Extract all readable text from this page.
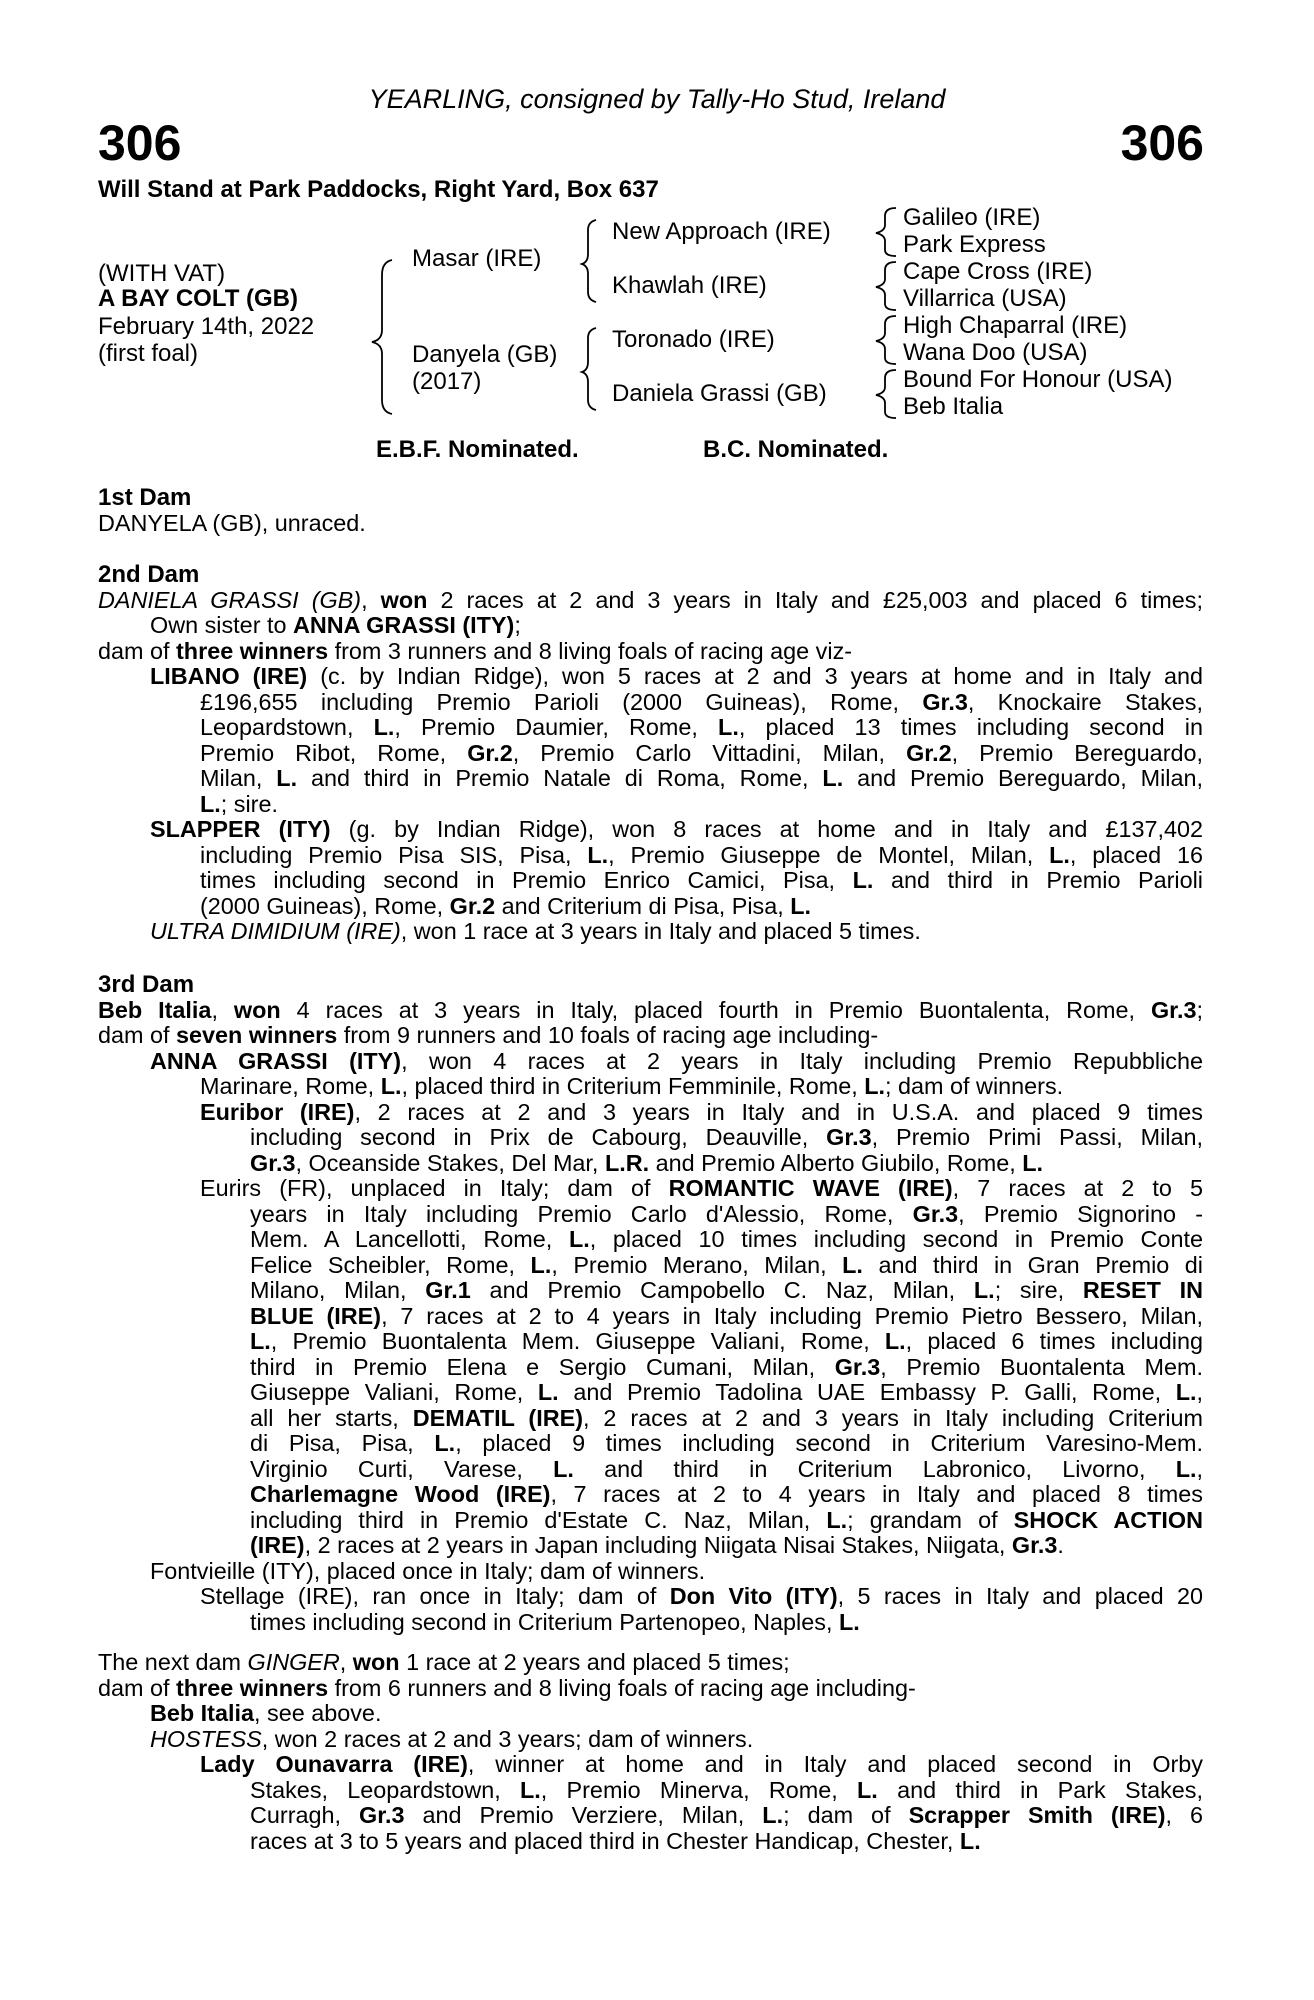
YEARLING, consigned by Tally-Ho Stud, Ireland
306	306
Will Stand at Park Paddocks, Right Yard, Box 637
(WITH VAT)
A BAY COLT (GB)
February 14th, 2022
(first foal)
Masar (IRE)
Danyela (GB)
(2017)
New Approach (IRE)
Khawlah (IRE)
Toronado (IRE)
Daniela Grassi (GB)
Galileo (IRE)
Park Express
Cape Cross (IRE)
Villarrica (USA)
High Chaparral (IRE)
Wana Doo (USA)
Bound For Honour (USA)
Beb Italia
E.B.F. Nominated.	B.C. Nominated.
1st Dam
DANYELA (GB), unraced.
2nd Dam
DANIELA GRASSI (GB), won 2 races at 2 and 3 years in Italy and £25,003 and placed 6 times;
Own sister to ANNA GRASSI (ITY);
dam of three winners from 3 runners and 8 living foals of racing age viz-
LIBANO (IRE) (c. by Indian Ridge), won 5 races at 2 and 3 years at home and in Italy and
£196,655 including Premio Parioli (2000 Guineas), Rome, Gr.3, Knockaire Stakes,
Leopardstown, L., Premio Daumier, Rome, L., placed 13 times including second in
Premio Ribot, Rome, Gr.2, Premio Carlo Vittadini, Milan, Gr.2, Premio Bereguardo,
Milan, L. and third in Premio Natale di Roma, Rome, L. and Premio Bereguardo, Milan,
L.; sire.
SLAPPER (ITY) (g. by Indian Ridge), won 8 races at home and in Italy and £137,402
including Premio Pisa SIS, Pisa, L., Premio Giuseppe de Montel, Milan, L., placed 16
times including second in Premio Enrico Camici, Pisa, L. and third in Premio Parioli
(2000 Guineas), Rome, Gr.2 and Criterium di Pisa, Pisa, L.
ULTRA DIMIDIUM (IRE), won 1 race at 3 years in Italy and placed 5 times.
3rd Dam
Beb Italia, won 4 races at 3 years in Italy, placed fourth in Premio Buontalenta, Rome, Gr.3;
dam of seven winners from 9 runners and 10 foals of racing age including-
ANNA GRASSI (ITY), won 4 races at 2 years in Italy including Premio Repubbliche
Marinare, Rome, L., placed third in Criterium Femminile, Rome, L.; dam of winners.
Euribor (IRE), 2 races at 2 and 3 years in Italy and in U.S.A. and placed 9 times
including second in Prix de Cabourg, Deauville, Gr.3, Premio Primi Passi, Milan,
Gr.3, Oceanside Stakes, Del Mar, L.R. and Premio Alberto Giubilo, Rome, L.
Eurirs (FR), unplaced in Italy; dam of ROMANTIC WAVE (IRE), 7 races at 2 to 5
years in Italy including Premio Carlo d'Alessio, Rome, Gr.3, Premio Signorino -
Mem. A Lancellotti, Rome, L., placed 10 times including second in Premio Conte
Felice Scheibler, Rome, L., Premio Merano, Milan, L. and third in Gran Premio di
Milano, Milan, Gr.1 and Premio Campobello C. Naz, Milan, L.; sire, RESET IN
BLUE (IRE), 7 races at 2 to 4 years in Italy including Premio Pietro Bessero, Milan,
L., Premio Buontalenta Mem. Giuseppe Valiani, Rome, L., placed 6 times including
third in Premio Elena e Sergio Cumani, Milan, Gr.3, Premio Buontalenta Mem.
Giuseppe Valiani, Rome, L. and Premio Tadolina UAE Embassy P. Galli, Rome, L.,
all her starts, DEMATIL (IRE), 2 races at 2 and 3 years in Italy including Criterium
di Pisa, Pisa, L., placed 9 times including second in Criterium Varesino-Mem.
Virginio Curti, Varese, L. and third in Criterium Labronico, Livorno, L.,
Charlemagne Wood (IRE), 7 races at 2 to 4 years in Italy and placed 8 times
including third in Premio d'Estate C. Naz, Milan, L.; grandam of SHOCK ACTION
(IRE), 2 races at 2 years in Japan including Niigata Nisai Stakes, Niigata, Gr.3.
Fontvieille (ITY), placed once in Italy; dam of winners.
Stellage (IRE), ran once in Italy; dam of Don Vito (ITY), 5 races in Italy and placed 20
times including second in Criterium Partenopeo, Naples, L.
The next dam GINGER, won 1 race at 2 years and placed 5 times;
dam of three winners from 6 runners and 8 living foals of racing age including-
Beb Italia, see above.
HOSTESS, won 2 races at 2 and 3 years; dam of winners.
Lady Ounavarra (IRE), winner at home and in Italy and placed second in Orby
Stakes, Leopardstown, L., Premio Minerva, Rome, L. and third in Park Stakes,
Curragh, Gr.3 and Premio Verziere, Milan, L.; dam of Scrapper Smith (IRE), 6
races at 3 to 5 years and placed third in Chester Handicap, Chester, L.
